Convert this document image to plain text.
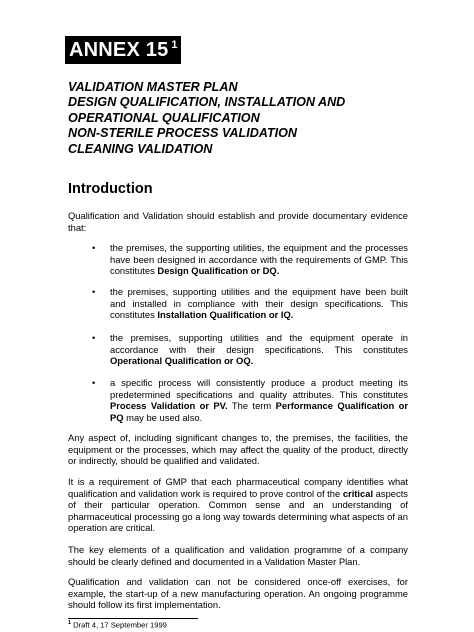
ANNEX 15 $^1$
VALIDATION MASTER PLAN
DESIGN QUALIFICATION, INSTALLATION AND
OPERATIONAL QUALIFICATION
NON-STERILE PROCESS VALIDATION
CLEANING VALIDATION
Introduction

Qualification and Validation should establish and provide documentary evidence that:

• the premises, the supporting utilities, the equipment and the processes have been designed in accordance with the requirements of GMP. This constitutes Design Qualification or DQ.

• the premises, supporting utilities and the equipment have been built and installed in compliance with their design specifications. This constitutes Installation Qualification or IQ.

• the premises, supporting utilities and the equipment operate in accordance with their design specifications. This constitutes Operational Qualification or OQ.

• a specific process will consistently produce a product meeting its predetermined specifications and quality attributes. This constitutes Process Validation or PV. The term Performance Qualification or PQ may be used also.

Any aspect of, including significant changes to, the premises, the facilities, the equipment or the processes, which may affect the quality of the product, directly or indirectly, should be qualified and validated.

It is a requirement of GMP that each pharmaceutical company identifies what qualification and validation work is required to prove control of the critical aspects of their particular operation. Common sense and an understanding of pharmaceutical processing go a long way towards determining what aspects of an operation are critical.

The key elements of a qualification and validation programme of a company should be clearly defined and documented in a Validation Master Plan.

Qualification and validation can not be considered once-off exercises, for example, the start-up of a new manufacturing operation. An ongoing programme should follow its first implementation.

$^1$ Draft 4, 17 September 1999
